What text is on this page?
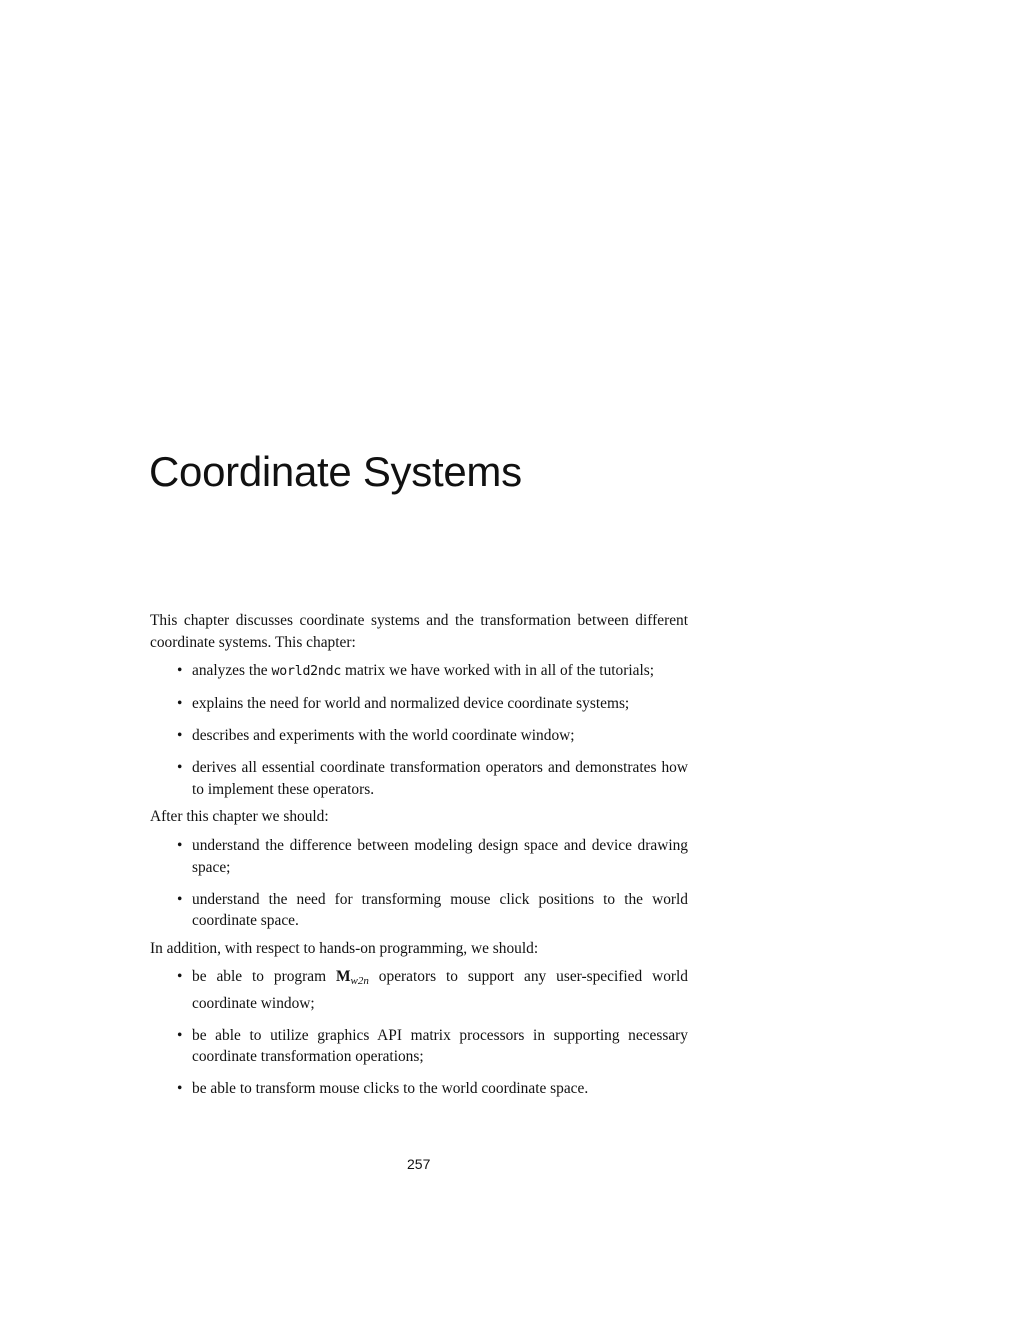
Coordinate Systems

This chapter discusses coordinate systems and the transformation between different coordinate systems. This chapter:

• analyzes the world2ndc matrix we have worked with in all of the tutorials;
• explains the need for world and normalized device coordinate systems;
• describes and experiments with the world coordinate window;
• derives all essential coordinate transformation operators and demonstrates how to implement these operators.

After this chapter we should:

• understand the difference between modeling design space and device drawing space;
• understand the need for transforming mouse click positions to the world coordinate space.

In addition, with respect to hands-on programming, we should:

• be able to program Mw2n operators to support any user-specified world coordinate window;
• be able to utilize graphics API matrix processors in supporting necessary coordinate transformation operations;
• be able to transform mouse clicks to the world coordinate space.
257
